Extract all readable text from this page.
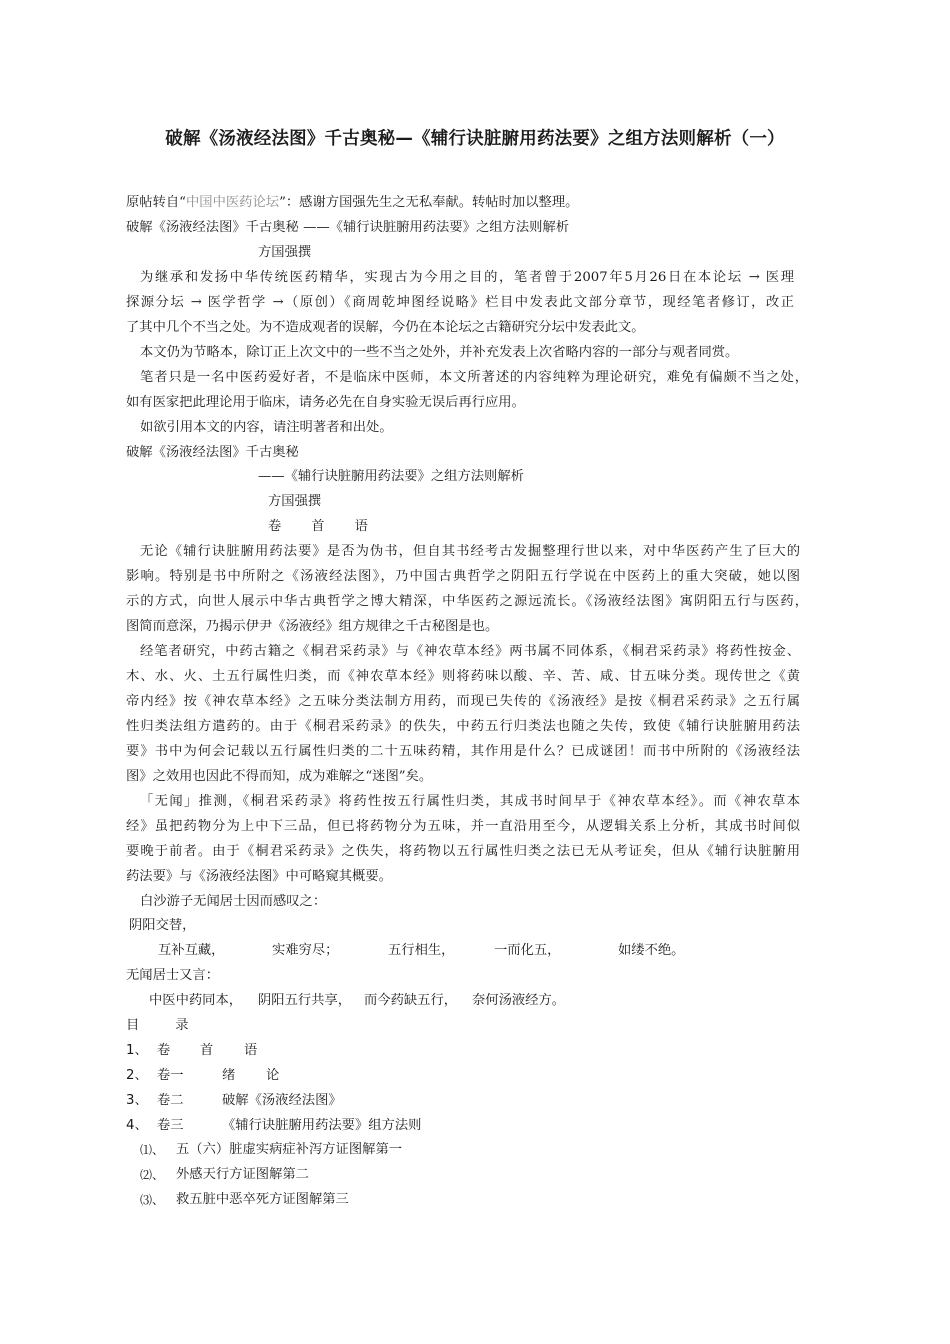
破解《汤液经法图》千古奥秘—《辅行诀脏腑用药法要》之组方法则解析（一）
原帖转自“中国中医药论坛”：感谢方国强先生之无私奉献。转帖时加以整理。
破解《汤液经法图》千古奥秘 ——《辅行诀脏腑用药法要》之组方法则解析
方国强撰
为继承和发扬中华传统医药精华，实现古为今用之目的，笔者曾于2007年5月26日在本论坛 → 医理
探源分坛 → 医学哲学 →（原创）《商周乾坤图经说略》栏目中发表此文部分章节，现经笔者修订，改正
了其中几个不当之处。为不造成观者的误解，今仍在本论坛之古籍研究分坛中发表此文。
本文仍为节略本，除订正上次文中的一些不当之处外，并补充发表上次省略内容的一部分与观者同赏。
笔者只是一名中医药爱好者，不是临床中医师，本文所著述的内容纯粹为理论研究，难免有偏颇不当之处，
如有医家把此理论用于临床，请务必先在自身实验无误后再行应用。
如欲引用本文的内容，请注明著者和出处。
破解《汤液经法图》千古奥秘
——《辅行诀脏腑用药法要》之组方法则解析
方国强撰
卷 首 语
无论《辅行诀脏腑用药法要》是否为伪书，但自其书经考古发掘整理行世以来，对中华医药产生了巨大的
影响。特别是书中所附之《汤液经法图》，乃中国古典哲学之阴阳五行学说在中医药上的重大突破，她以图
示的方式，向世人展示中华古典哲学之博大精深，中华医药之源远流长。《汤液经法图》寓阴阳五行与医药，
图简而意深，乃揭示伊尹《汤液经》组方规律之千古秘图是也。
经笔者研究，中药古籍之《桐君采药录》与《神农草本经》两书属不同体系，《桐君采药录》将药性按金、
木、水、火、土五行属性归类，而《神农草本经》则将药味以酸、辛、苦、咸、甘五味分类。现传世之《黄
帝内经》按《神农草本经》之五味分类法制方用药，而现已失传的《汤液经》是按《桐君采药录》之五行属
性归类法组方遣药的。由于《桐君采药录》的佚失，中药五行归类法也随之失传，致使《辅行诀脏腑用药法
要》书中为何会记载以五行属性归类的二十五味药精，其作用是什么？已成谜团！而书中所附的《汤液经法
图》之效用也因此不得而知，成为难解之“迷图”矣。
「无闻」推测，《桐君采药录》将药性按五行属性归类，其成书时间早于《神农草本经》。而《神农草本
经》虽把药物分为上中下三品，但已将药物分为五味，并一直沿用至今，从逻辑关系上分析，其成书时间似
要晚于前者。由于《桐君采药录》之佚失，将药物以五行属性归类之法已无从考证矣，但从《辅行诀脏腑用
药法要》与《汤液经法图》中可略窥其概要。
白沙游子无闻居士因而感叹之：
阴阳交替，
互补互藏，	实难穷尽；	五行相生，	一而化五，	如缕不绝。
无闻居士又言：
中医中药同本， 阴阳五行共享， 而今药缺五行， 奈何汤液经方。
目	录
1、 卷 首 语
2、 卷一	绪 论
3、 卷二	破解《汤液经法图》
4、 卷三	《辅行诀脏腑用药法要》组方法则
⑴、 五（六）脏虚实病症补泻方证图解第一
⑵、 外感天行方证图解第二
⑶、 救五脏中恶卒死方证图解第三
